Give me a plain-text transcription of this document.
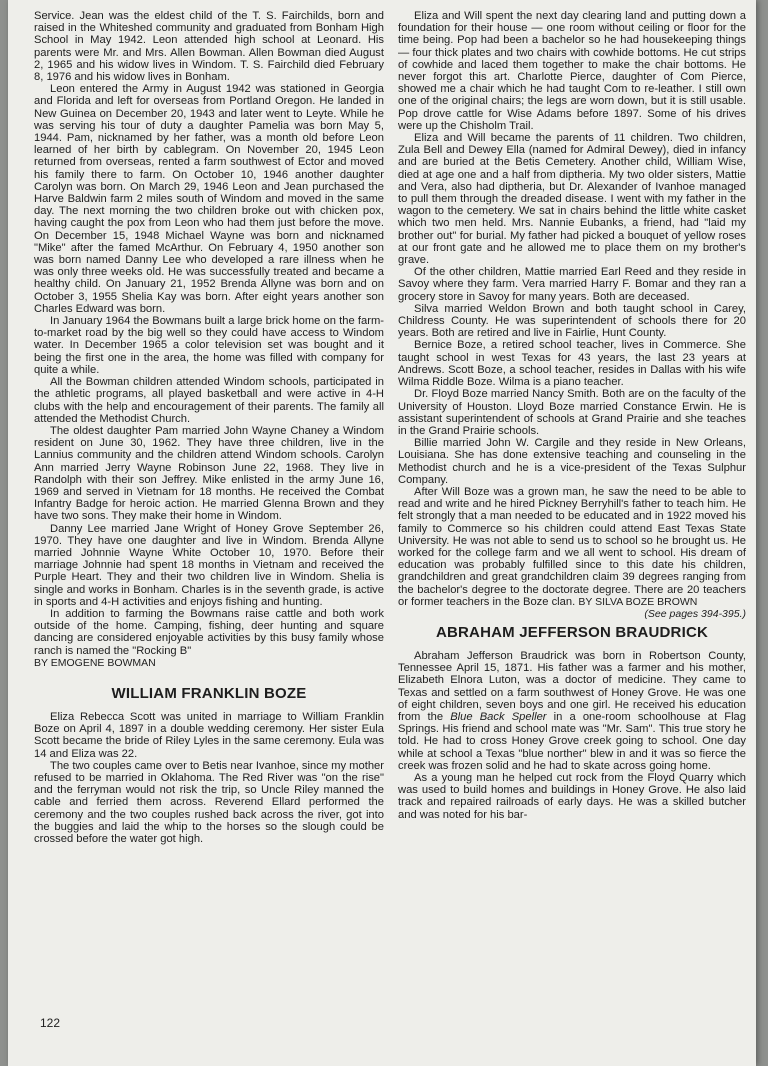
Service. Jean was the eldest child of the T. S. Fairchilds, born and raised in the Whiteshed community and graduated from Bonham High School in May 1942. Leon attended high school at Leonard. His parents were Mr. and Mrs. Allen Bowman. Allen Bowman died August 2, 1965 and his widow lives in Windom. T. S. Fairchild died February 8, 1976 and his widow lives in Bonham.

Leon entered the Army in August 1942 was stationed in Georgia and Florida and left for overseas from Portland Oregon. He landed in New Guinea on December 20, 1943 and later went to Leyte. While he was serving his tour of duty a daughter Pamelia was born May 5, 1944. Pam, nicknamed by her father, was a month old before Leon learned of her birth by cablegram. On November 20, 1945 Leon returned from overseas, rented a farm southwest of Ector and moved his family there to farm. On October 10, 1946 another daughter Carolyn was born. On March 29, 1946 Leon and Jean purchased the Harve Baldwin farm 2 miles south of Windom and moved in the same day. The next morning the two children broke out with chicken pox, having caught the pox from Leon who had them just before the move. On December 15, 1948 Michael Wayne was born and nicknamed "Mike" after the famed McArthur. On February 4, 1950 another son was born named Danny Lee who developed a rare illness when he was only three weeks old. He was successfully treated and became a healthy child. On January 21, 1952 Brenda Allyne was born and on October 3, 1955 Shelia Kay was born. After eight years another son Charles Edward was born.

In January 1964 the Bowmans built a large brick home on the farm-to-market road by the big well so they could have access to Windom water. In December 1965 a color television set was bought and it being the first one in the area, the home was filled with company for quite a while.

All the Bowman children attended Windom schools, participated in the athletic programs, all played basketball and were active in 4-H clubs with the help and encouragement of their parents. The family all attended the Methodist Church.

The oldest daughter Pam married John Wayne Chaney a Windom resident on June 30, 1962. They have three children, live in the Lannius community and the children attend Windom schools. Carolyn Ann married Jerry Wayne Robinson June 22, 1968. They live in Randolph with their son Jeffrey. Mike enlisted in the army June 16, 1969 and served in Vietnam for 18 months. He received the Combat Infantry Badge for heroic action. He married Glenna Brown and they have two sons. They make their home in Windom.

Danny Lee married Jane Wright of Honey Grove September 26, 1970. They have one daughter and live in Windom. Brenda Allyne married Johnnie Wayne White October 10, 1970. Before their marriage Johnnie had spent 18 months in Vietnam and received the Purple Heart. They and their two children live in Windom. Shelia is single and works in Bonham. Charles is in the seventh grade, is active in sports and 4-H activities and enjoys fishing and hunting.

In addition to farming the Bowmans raise cattle and both work outside of the home. Camping, fishing, deer hunting and square dancing are considered enjoyable activities by this busy family whose ranch is named the "Rocking B"

BY EMOGENE BOWMAN

WILLIAM FRANKLIN BOZE

Eliza Rebecca Scott was united in marriage to William Franklin Boze on April 4, 1897 in a double wedding ceremony. Her sister Eula Scott became the bride of Riley Lyles in the same ceremony. Eula was 14 and Eliza was 22.

The two couples came over to Betis near Ivanhoe, since my mother refused to be married in Oklahoma. The Red River was "on the rise" and the ferryman would not risk the trip, so Uncle Riley manned the cable and ferried them across. Reverend Ellard performed the ceremony and the two couples rushed back across the river, got into the buggies and laid the whip to the horses so the slough could be crossed before the water got high.

Eliza and Will spent the next day clearing land and putting down a foundation for their house — one room without ceiling or floor for the time being. Pop had been a bachelor so he had housekeeping things — four thick plates and two chairs with cowhide bottoms. He cut strips of cowhide and laced them together to make the chair bottoms. He never forgot this art. Charlotte Pierce, daughter of Com Pierce, showed me a chair which he had taught Com to re-leather. I still own one of the original chairs; the legs are worn down, but it is still usable. Pop drove cattle for Wise Adams before 1897. Some of his drives were up the Chisholm Trail.

Eliza and Will became the parents of 11 children. Two children, Zula Bell and Dewey Ella (named for Admiral Dewey), died in infancy and are buried at the Betis Cemetery. Another child, William Wise, died at age one and a half from diptheria. My two older sisters, Mattie and Vera, also had diptheria, but Dr. Alexander of Ivanhoe managed to pull them through the dreaded disease. I went with my father in the wagon to the cemetery. We sat in chairs behind the little white casket which two men held. Mrs. Nannie Eubanks, a friend, had "laid my brother out" for burial. My father had picked a bouquet of yellow roses at our front gate and he allowed me to place them on my brother's grave.

Of the other children, Mattie married Earl Reed and they reside in Savoy where they farm. Vera married Harry F. Bomar and they ran a grocery store in Savoy for many years. Both are deceased.

Silva married Weldon Brown and both taught school in Carey, Childress County. He was superintendent of schools there for 20 years. Both are retired and live in Fairlie, Hunt County.

Bernice Boze, a retired school teacher, lives in Commerce. She taught school in west Texas for 43 years, the last 23 years at Andrews. Scott Boze, a school teacher, resides in Dallas with his wife Wilma Riddle Boze. Wilma is a piano teacher.

Dr. Floyd Boze married Nancy Smith. Both are on the faculty of the University of Houston. Lloyd Boze married Constance Erwin. He is assistant superintendent of schools at Grand Prairie and she teaches in the Grand Prairie schools.

Billie married John W. Cargile and they reside in New Orleans, Louisiana. She has done extensive teaching and counseling in the Methodist church and he is a vice-president of the Texas Sulphur Company.

After Will Boze was a grown man, he saw the need to be able to read and write and he hired Pickney Berryhill's father to teach him. He felt strongly that a man needed to be educated and in 1922 moved his family to Commerce so his children could attend East Texas State University. He was not able to send us to school so he brought us. He worked for the college farm and we all went to school. His dream of education was probably fulfilled since to this date his children, grandchildren and great grandchildren claim 39 degrees ranging from the bachelor's degree to the doctorate degree. There are 20 teachers or former teachers in the Boze clan. BY SILVA BOZE BROWN
(See pages 394-395.)

ABRAHAM JEFFERSON BRAUDRICK

Abraham Jefferson Braudrick was born in Robertson County, Tennessee April 15, 1871. His father was a farmer and his mother, Elizabeth Elnora Luton, was a doctor of medicine. They came to Texas and settled on a farm southwest of Honey Grove. He was one of eight children, seven boys and one girl. He received his education from the Blue Back Speller in a one-room schoolhouse at Flag Springs. His friend and school mate was "Mr. Sam". This true story he told. He had to cross Honey Grove creek going to school. One day while at school a Texas "blue norther" blew in and it was so fierce the creek was frozen solid and he had to skate across going home.

As a young man he helped cut rock from the Floyd Quarry which was used to build homes and buildings in Honey Grove. He also laid track and repaired railroads of early days. He was a skilled butcher and was noted for his bar-

122
